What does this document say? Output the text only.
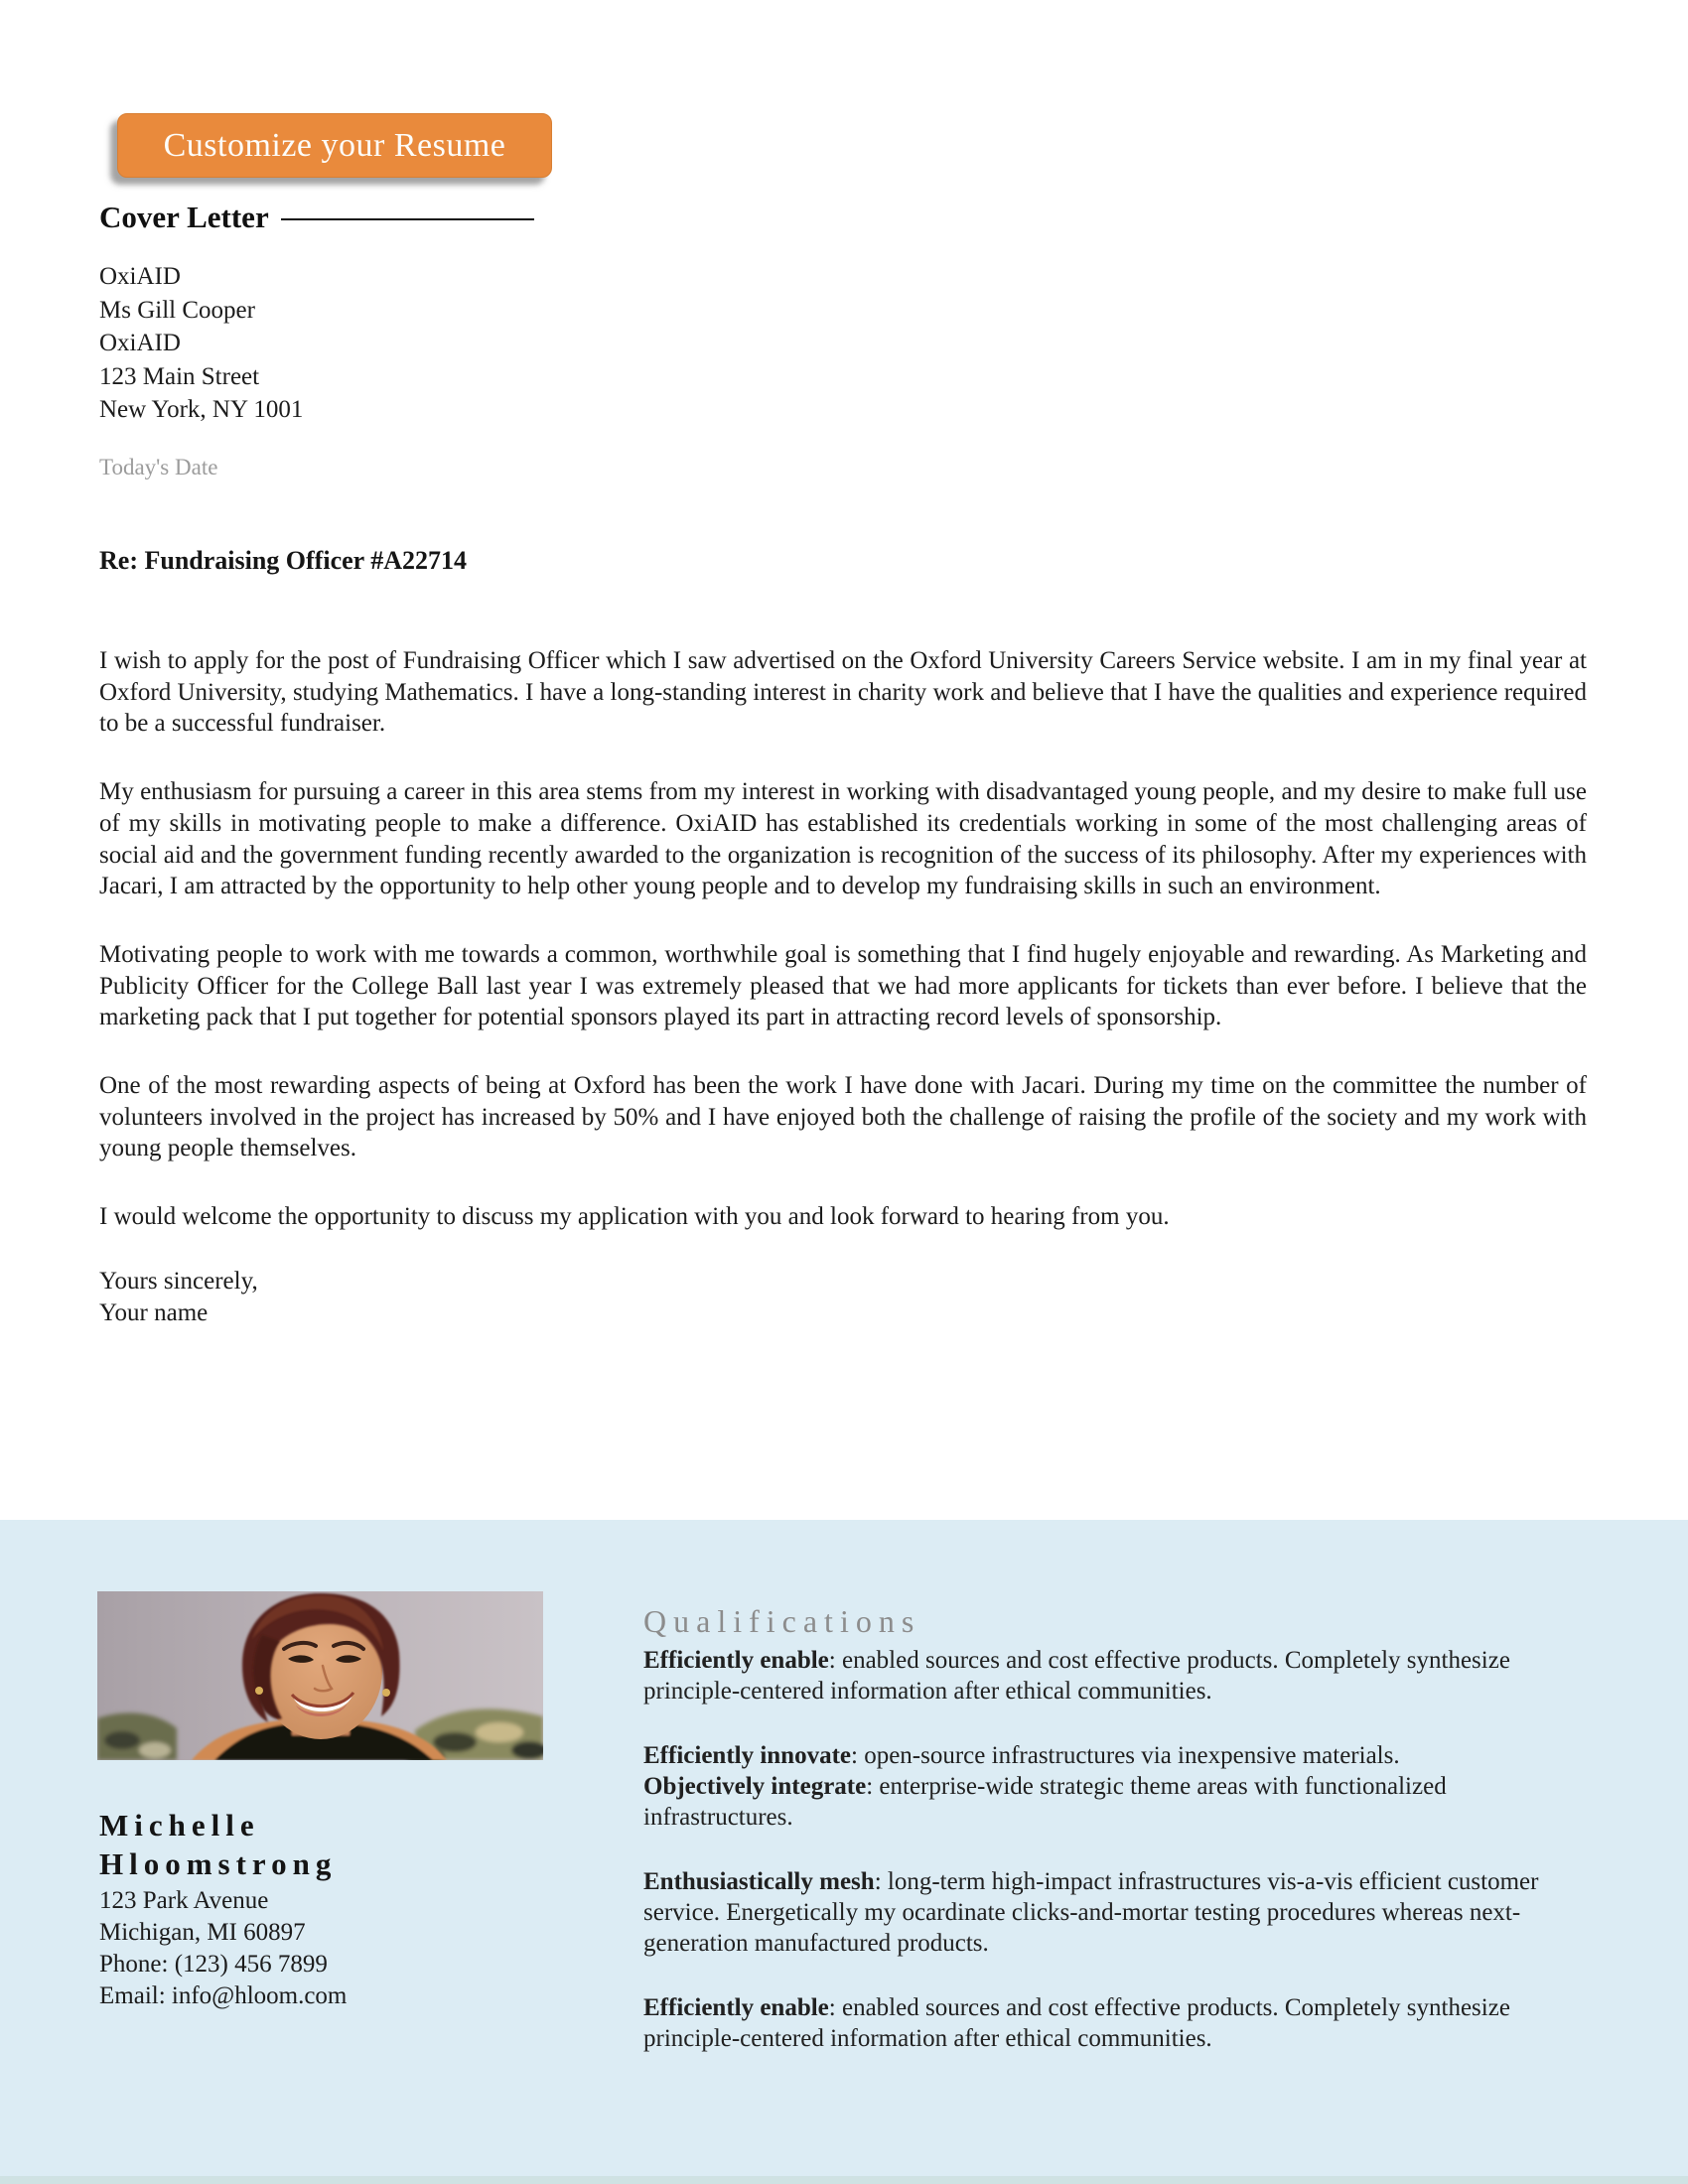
Customize your Resume
Cover Letter
OxiAID
Ms Gill Cooper
OxiAID
123 Main Street
New York, NY 1001
Today's Date
Re: Fundraising Officer #A22714

I wish to apply for the post of Fundraising Officer which I saw advertised on the Oxford University Careers Service website. I am in my final year at Oxford University, studying Mathematics. I have a long-standing interest in charity work and believe that I have the qualities and experience required to be a successful fundraiser.

My enthusiasm for pursuing a career in this area stems from my interest in working with disadvantaged young people, and my desire to make full use of my skills in motivating people to make a difference. OxiAID has established its credentials working in some of the most challenging areas of social aid and the government funding recently awarded to the organization is recognition of the success of its philosophy. After my experiences with Jacari, I am attracted by the opportunity to help other young people and to develop my fundraising skills in such an environment.

Motivating people to work with me towards a common, worthwhile goal is something that I find hugely enjoyable and rewarding. As Marketing and Publicity Officer for the College Ball last year I was extremely pleased that we had more applicants for tickets than ever before. I believe that the marketing pack that I put together for potential sponsors played its part in attracting record levels of sponsorship.

One of the most rewarding aspects of being at Oxford has been the work I have done with Jacari. During my time on the committee the number of volunteers involved in the project has increased by 50% and I have enjoyed both the challenge of raising the profile of the society and my work with young people themselves.

I would welcome the opportunity to discuss my application with you and look forward to hearing from you.

Yours sincerely,
Your name
Michelle
Hloomstrong
123 Park Avenue
Michigan, MI 60897
Phone: (123) 456 7899
Email: info@hloom.com
Qualifications

Efficiently enable: enabled sources and cost effective products. Completely synthesize principle-centered information after ethical communities.

Efficiently innovate: open-source infrastructures via inexpensive materials.
Objectively integrate: enterprise-wide strategic theme areas with functionalized infrastructures.

Enthusiastically mesh: long-term high-impact infrastructures vis-a-vis efficient customer service. Energetically my ocardinate clicks-and-mortar testing procedures whereas next-generation manufactured products.

Efficiently enable: enabled sources and cost effective products. Completely synthesize principle-centered information after ethical communities.
